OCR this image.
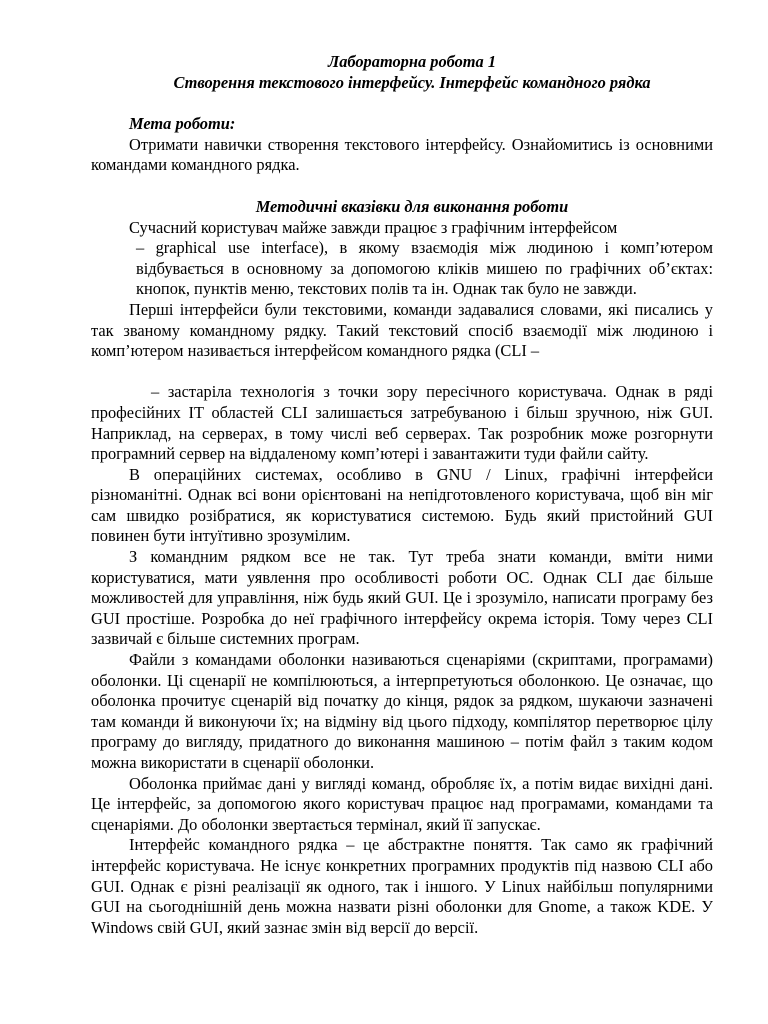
Лабораторна робота 1
Створення текстового інтерфейсу. Інтерфейс командного рядка

Мета роботи:

Отримати навички створення текстового інтерфейсу. Ознайомитись із основними командами командного рядка.

Методичні вказівки для виконання роботи

Сучасний користувач майже завжди працює з графічним інтерфейсом

– graphical use interface), в якому взаємодія між людиною і комп’ютером відбувається в основному за допомогою кліків мишею по графічних об’єктах: кнопок, пунктів меню, текстових полів та ін. Однак так було не завжди.

Перші інтерфейси були текстовими, команди задавалися словами, які писались у так званому командному рядку. Такий текстовий спосіб взаємодії між людиною і комп’ютером називається інтерфейсом командного рядка (CLI –

– застаріла технологія з точки зору пересічного користувача. Однак в ряді професійних IT областей CLI залишається затребуваною і більш зручною, ніж GUI. Наприклад, на серверах, в тому числі веб серверах. Так розробник може розгорнути програмний сервер на віддаленому комп’ютері і завантажити туди файли сайту.

В операційних системах, особливо в GNU / Linux, графічні інтерфейси різноманітні. Однак всі вони орієнтовані на непідготовленого користувача, щоб він міг сам швидко розібратися, як користуватися системою. Будь який пристойний GUI повинен бути інтуїтивно зрозумілим.

З командним рядком все не так. Тут треба знати команди, вміти ними користуватися, мати уявлення про особливості роботи ОС. Однак CLI дає більше можливостей для управління, ніж будь який GUI. Це і зрозуміло, написати програму без GUI простіше. Розробка до неї графічного інтерфейсу окрема історія. Тому через CLI зазвичай є більше системних програм.

Файли з командами оболонки називаються сценаріями (скриптами, програмами) оболонки. Ці сценарії не компілюються, а інтерпретуються оболонкою. Це означає, що оболонка прочитує сценарій від початку до кінця, рядок за рядком, шукаючи зазначені там команди й виконуючи їх; на відміну від цього підходу, компілятор перетворює цілу програму до вигляду, придатного до виконання машиною – потім файл з таким кодом можна використати в сценарії оболонки.

Оболонка приймає дані у вигляді команд, обробляє їх, а потім видає вихідні дані. Це інтерфейс, за допомогою якого користувач працює над програмами, командами та сценаріями. До оболонки звертається термінал, який її запускає.

Інтерфейс командного рядка – це абстрактне поняття. Так само як графічний інтерфейс користувача. Не існує конкретних програмних продуктів під назвою CLI або GUI. Однак є різні реалізації як одного, так і іншого. У Linux найбільш популярними GUI на сьогоднішній день можна назвати різні оболонки для Gnome, а також KDE. У Windows свій GUI, який зазнає змін від версії до версії.
